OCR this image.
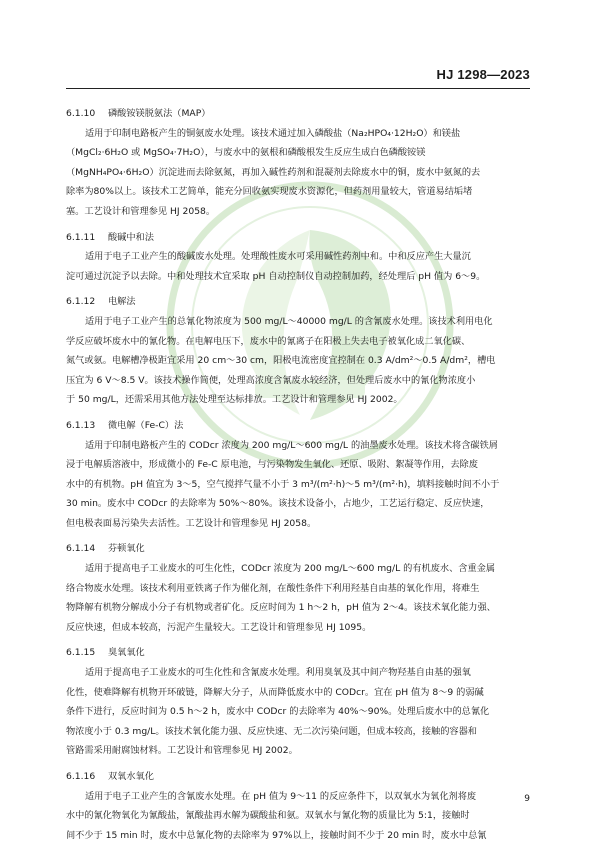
HJ 1298—2023

6.1.10 磷酸铵镁脱氨法（MAP）

适用于印制电路板产生的铜氨废水处理。该技术通过加入磷酸盐（Na₂HPO₄·12H₂O）和镁盐

（MgCl₂·6H₂O 或 MgSO₄·7H₂O），与废水中的氨根和磷酸根发生反应生成白色磷酸铵镁

（MgNH₄PO₄·6H₂O）沉淀进而去除氨氮，再加入碱性药剂和混凝剂去除废水中的铜，废水中氨氮的去

除率为80%以上。该技术工艺简单，能充分回收氨实现废水资源化，但药剂用量较大，管道易结垢堵

塞。工艺设计和管理参见 HJ 2058。

6.1.11 酸碱中和法

适用于电子工业产生的酸碱废水处理。处理酸性废水可采用碱性药剂中和。中和反应产生大量沉

淀可通过沉淀予以去除。中和处理技术宜采取 pH 自动控制仪自动控制加药，经处理后 pH 值为 6～9。

6.1.12 电解法

适用于电子工业产生的总氰化物浓度为 500 mg/L～40000 mg/L 的含氰废水处理。该技术利用电化

学反应破坏废水中的氰化物。在电解电压下，废水中的氰离子在阳极上失去电子被氧化成二氧化碳、

氮气或氨。电解槽净极距宜采用 20 cm～30 cm，阳极电流密度宜控制在 0.3 A/dm²～0.5 A/dm²，槽电

压宜为 6 V～8.5 V。该技术操作简便，处理高浓度含氰废水较经济，但处理后废水中的氰化物浓度小

于 50 mg/L，还需采用其他方法处理至达标排放。工艺设计和管理参见 HJ 2002。

6.1.13 微电解（Fe-C）法

适用于印制电路板产生的 CODcr 浓度为 200 mg/L～600 mg/L 的油墨废水处理。该技术将含碳铁屑

浸于电解质溶液中，形成微小的 Fe-C 原电池，与污染物发生氧化、还原、吸附、絮凝等作用，去除废

水中的有机物。pH 值宜为 3～5，空气搅拌气量不小于 3 m³/(m²·h)～5 m³/(m²·h)，填料接触时间不小于

30 min。废水中 CODcr 的去除率为 50%～80%。该技术设备小，占地少，工艺运行稳定、反应快速，

但电极表面易污染失去活性。工艺设计和管理参见 HJ 2058。

6.1.14 芬顿氧化

适用于提高电子工业废水的可生化性，CODcr 浓度为 200 mg/L～600 mg/L 的有机废水、含重金属

络合物废水处理。该技术利用亚铁离子作为催化剂，在酸性条件下利用羟基自由基的氧化作用，将难生

物降解有机物分解成小分子有机物或者矿化。反应时间为 1 h～2 h，pH 值为 2～4。该技术氧化能力强、

反应快速，但成本较高，污泥产生量较大。工艺设计和管理参见 HJ 1095。

6.1.15 臭氧氧化

适用于提高电子工业废水的可生化性和含氰废水处理。利用臭氧及其中间产物羟基自由基的强氧

化性，使难降解有机物开环破链，降解大分子，从而降低废水中的 CODcr。宜在 pH 值为 8～9 的弱碱

条件下进行，反应时间为 0.5 h～2 h，废水中 CODcr 的去除率为 40%～90%。处理后废水中的总氰化

物浓度小于 0.3 mg/L。该技术氧化能力强、反应快速、无二次污染问题，但成本较高，接触的容器和

管路需采用耐腐蚀材料。工艺设计和管理参见 HJ 2002。

6.1.16 双氧水氧化

适用于电子工业产生的含氰废水处理。在 pH 值为 9～11 的反应条件下，以双氧水为氧化剂将废

水中的氰化物氧化为氰酸盐，氰酸盐再水解为碳酸盐和氨。双氧水与氰化物的质量比为 5:1，接触时

间不少于 15 min 时，废水中总氰化物的去除率为 97%以上，接触时间不少于 20 min 时，废水中总氰

9
